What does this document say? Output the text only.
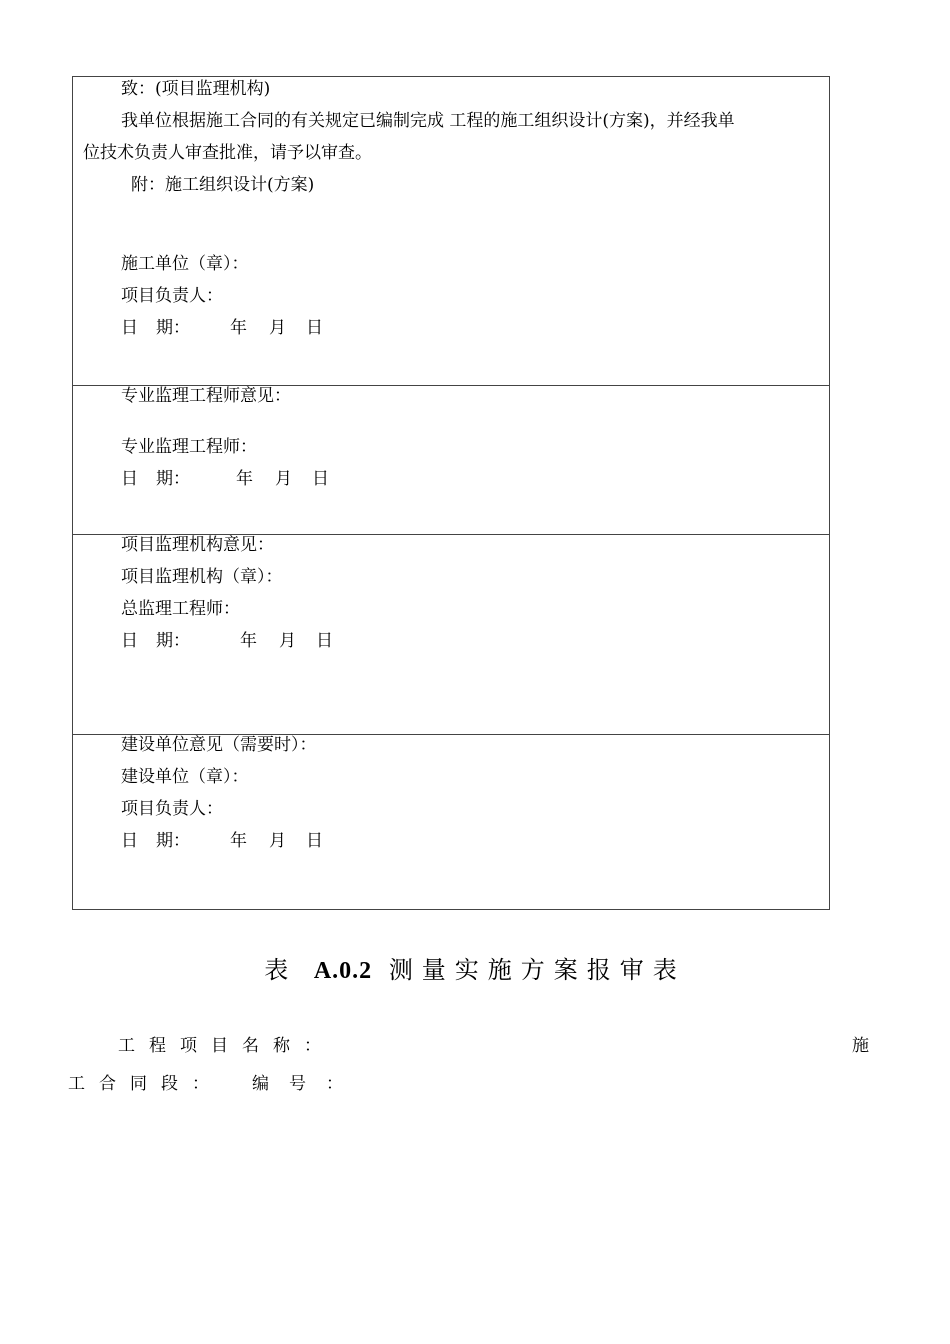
致：(项目监理机构)
我单位根据施工合同的有关规定已编制完成 工程的施工组织设计(方案)，并经我单
位技术负责人审查批准，请予以审查。
附：施工组织设计(方案)
施工单位（章）：
项目负责人：
日 期： 年 月 日
专业监理工程师意见：
专业监理工程师：
日 期：	年 月 日
项目监理机构意见：
项目监理机构（章）：
总监理工程师：
日 期：	年 月 日
建设单位意见（需要时）：
建设单位（章）：
项目负责人：
日 期： 年 月 日
表 A.0.2 测量实施方案报审表
工程项目名称：	施
工合同段： 编号：
